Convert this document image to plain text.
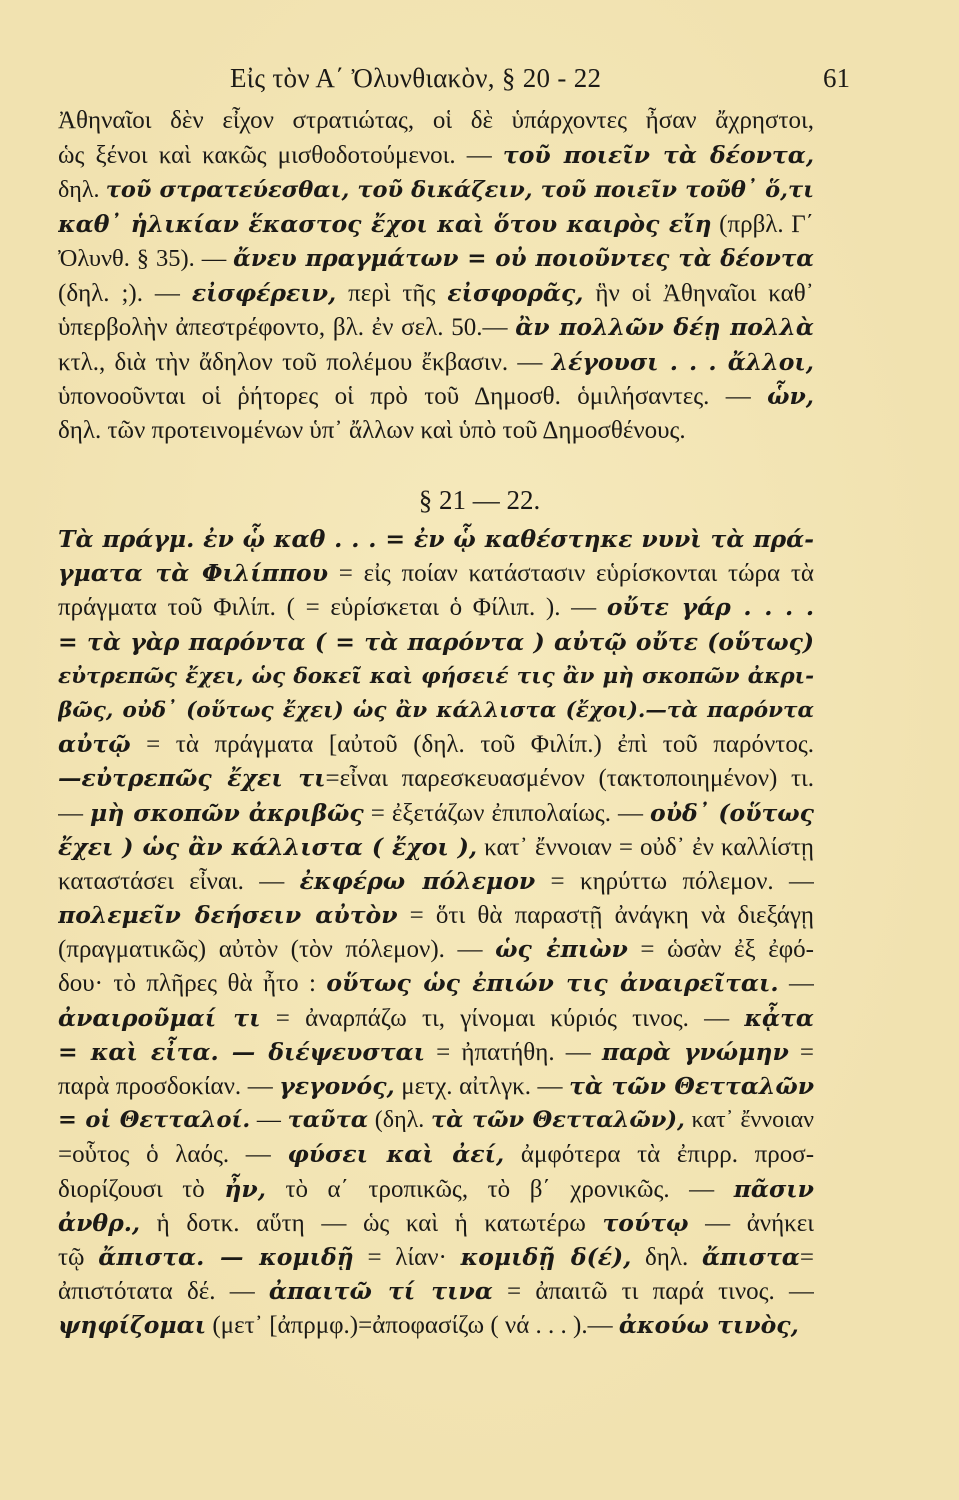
Εἰς τὸν Α΄ Ὀλυνθιακὸν, § 20 - 22	61
Ἀθηναῖοι δὲν εἶχον στρατιώτας, οἱ δὲ ὑπάρχοντες ἦσαν ἄχρηστοι,
ὡς ξένοι καὶ κακῶς μισθοδοτούμενοι. — τοῦ ποιεῖν τὰ δέοντα,
δηλ. τοῦ στρατεύεσθαι, τοῦ δικάζειν, τοῦ ποιεῖν τοῦθ᾿ ὅ,τι
καθ᾿ ἡλικίαν ἕκαστος ἔχοι καὶ ὅτου καιρὸς εἴη (πρβλ. Γ΄
Ὀλυνθ. § 35). — ἄνευ πραγμάτων = οὐ ποιοῦντες τὰ δέοντα
(δηλ. ;). — εἰσφέρειν, περὶ τῆς εἰσφορᾶς, ἣν οἱ Ἀθηναῖοι καθ᾿
ὑπερβολὴν ἀπεστρέφοντο, βλ. ἐν σελ. 50.— ἂν πολλῶν δέῃ πολλὰ
κτλ., διὰ τὴν ἄδηλον τοῦ πολέμου ἔκβασιν. — λέγουσι . . . ἄλλοι,
ὑπονοοῦνται οἱ ῥήτορες οἱ πρὸ τοῦ Δημοσθ. ὁμιλήσαντες. — ὧν,
δηλ. τῶν προτεινομένων ὑπ᾿ ἄλλων καὶ ὑπὸ τοῦ Δημοσθένους.
§ 21 — 22.
Τὰ πράγμ. ἐν ᾧ καθ . . . = ἐν ᾧ καθέστηκε νυνὶ τὰ πρά-
γματα τὰ Φιλίππου = εἰς ποίαν κατάστασιν εὑρίσκονται τώρα τὰ
πράγματα τοῦ Φιλίπ. ( = εὑρίσκεται ὁ Φίλιπ. ). — οὔτε γάρ . . . .
= τὰ γὰρ παρόντα ( = τὰ παρόντα ) αὐτῷ οὔτε (οὕτως)
εὐτρεπῶς ἔχει, ὡς δοκεῖ καὶ φήσειέ τις ἂν μὴ σκοπῶν ἀκρι-
βῶς, οὐδ᾿ (οὕτως ἔχει) ὡς ἂν κάλλιστα (ἔχοι).—τὰ παρόντα
αὐτῷ = τὰ πράγματα [αὐτοῦ (δηλ. τοῦ Φιλίπ.) ἐπὶ τοῦ παρόντος.
—εὐτρεπῶς ἔχει τι=εἶναι παρεσκευασμένον (τακτοποιημένον) τι.
— μὴ σκοπῶν ἀκριβῶς = ἐξετάζων ἐπιπολαίως. — οὐδ᾿ (οὕτως
ἔχει ) ὡς ἂν κάλλιστα ( ἔχοι ), κατ᾿ ἔννοιαν = οὐδ᾿ ἐν καλλίστῃ
καταστάσει εἶναι. — ἐκφέρω πόλεμον = κηρύττω πόλεμον. —
πολεμεῖν δεήσειν αὐτὸν = ὅτι θὰ παραστῇ ἀνάγκη νὰ διεξάγῃ
(πραγματικῶς) αὐτὸν (τὸν πόλεμον). — ὡς ἐπιὼν = ὡσὰν ἐξ ἐφό-
δου· τὸ πλῆρες θὰ ἦτο : οὕτως ὡς ἐπιών τις ἀναιρεῖται. —
ἀναιροῦμαί τι = ἀναρπάζω τι, γίνομαι κύριός τινος. — κᾆτα
= καὶ εἶτα. — διέψευσται = ἠπατήθη. — παρὰ γνώμην =
παρὰ προσδοκίαν. — γεγονός, μετχ. αἰτλγκ. — τὰ τῶν Θετταλῶν
= οἱ Θετταλοί. — ταῦτα (δηλ. τὰ τῶν Θετταλῶν), κατ᾿ ἔννοιαν
=οὗτος ὁ λαός. — φύσει καὶ ἀεί, ἀμφότερα τὰ ἐπιρρ. προσ-
διορίζουσι τὸ ἦν, τὸ α΄ τροπικῶς, τὸ β΄ χρονικῶς. — πᾶσιν
ἀνθρ., ἡ δοτκ. αὕτη — ὡς καὶ ἡ κατωτέρω τούτῳ — ἀνήκει
τῷ ἄπιστα. — κομιδῇ = λίαν· κομιδῇ δ(έ), δηλ. ἄπιστα=
ἀπιστότατα δέ. — ἀπαιτῶ τί τινα = ἀπαιτῶ τι παρά τινος. —
ψηφίζομαι (μετ᾿ [ἀπρμφ.)=ἀποφασίζω ( νά . . . ).— ἀκούω τινὸς,
